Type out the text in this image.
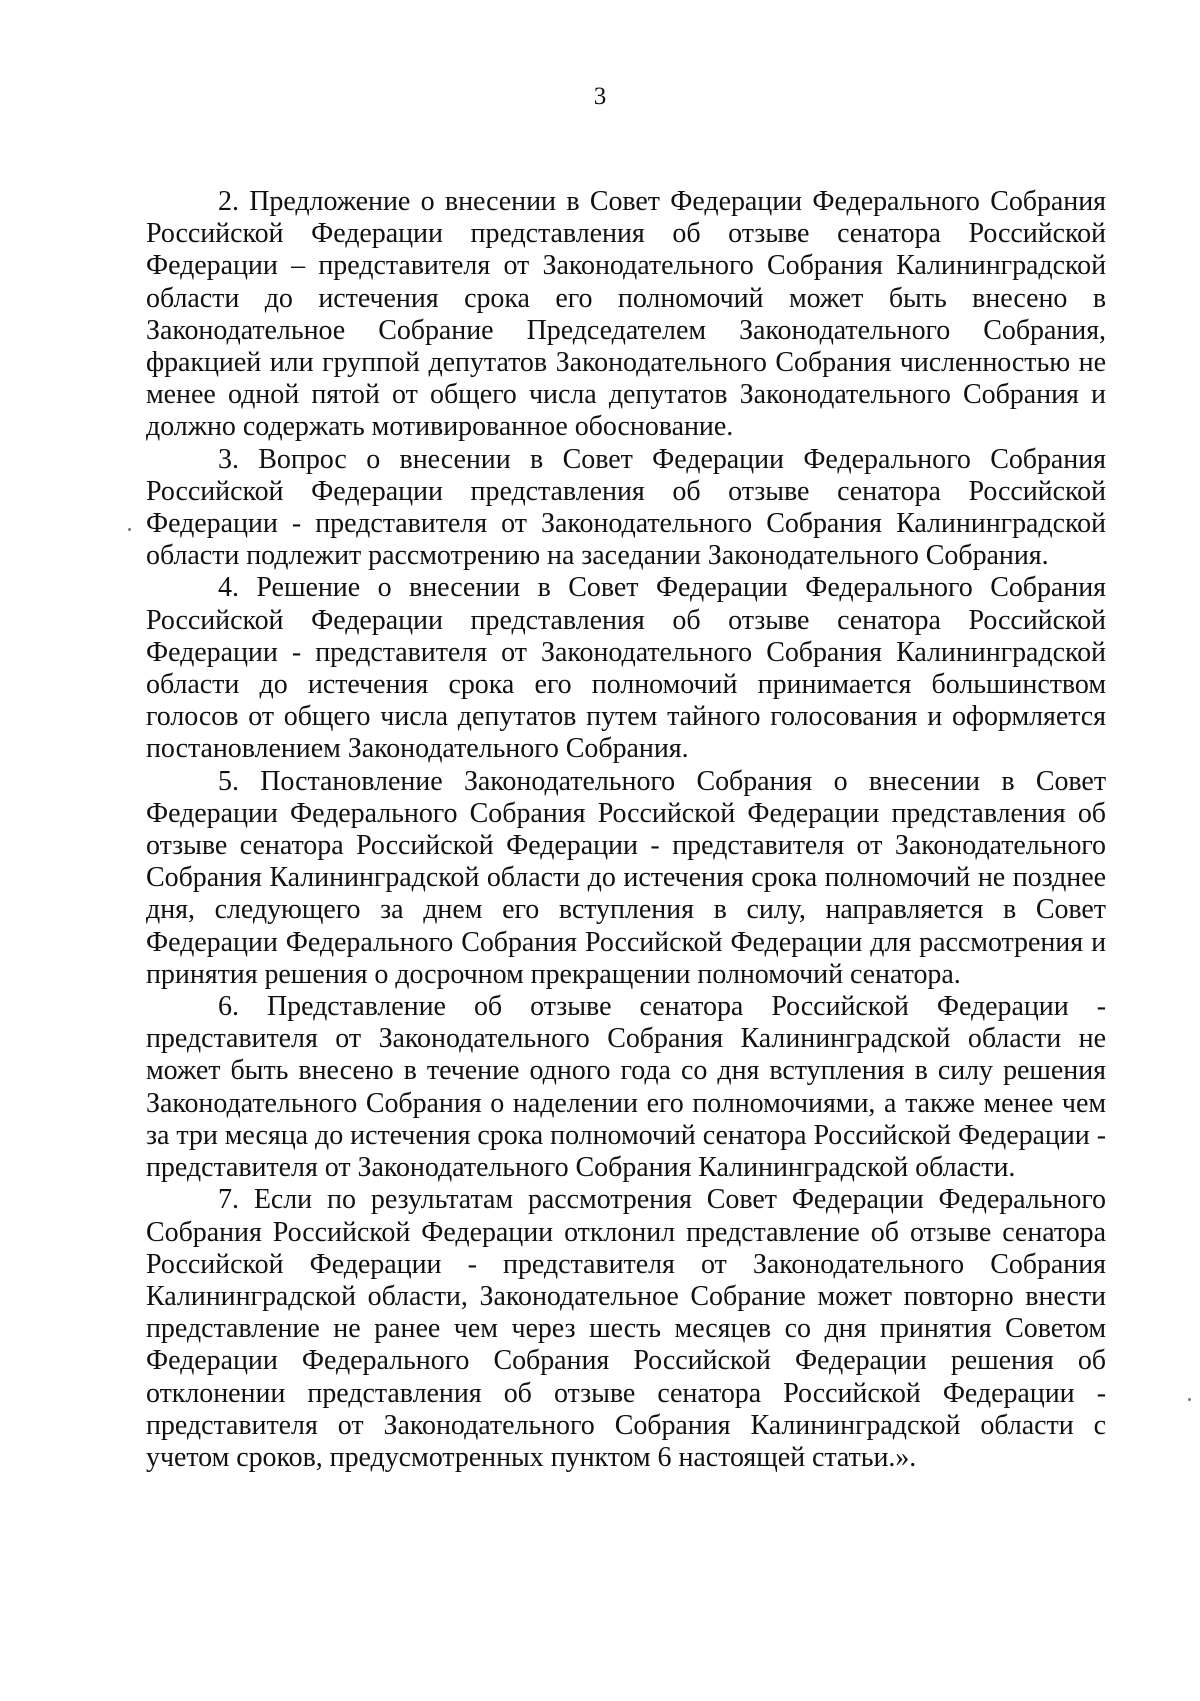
3

2. Предложение о внесении в Совет Федерации Федерального Собрания Российской Федерации представления об отзыве сенатора Российской Федерации – представителя от Законодательного Собрания Калининградской области до истечения срока его полномочий может быть внесено в Законодательное Собрание Председателем Законодательного Собрания, фракцией или группой депутатов Законодательного Собрания численностью не менее одной пятой от общего числа депутатов Законодательного Собрания и должно содержать мотивированное обоснование.

3. Вопрос о внесении в Совет Федерации Федерального Собрания Российской Федерации представления об отзыве сенатора Российской Федерации - представителя от Законодательного Собрания Калининградской области подлежит рассмотрению на заседании Законодательного Собрания.

4. Решение о внесении в Совет Федерации Федерального Собрания Российской Федерации представления об отзыве сенатора Российской Федерации - представителя от Законодательного Собрания Калининградской области до истечения срока его полномочий принимается большинством голосов от общего числа депутатов путем тайного голосования и оформляется постановлением Законодательного Собрания.

5. Постановление Законодательного Собрания о внесении в Совет Федерации Федерального Собрания Российской Федерации представления об отзыве сенатора Российской Федерации - представителя от Законодательного Собрания Калининградской области до истечения срока полномочий не позднее дня, следующего за днем его вступления в силу, направляется в Совет Федерации Федерального Собрания Российской Федерации для рассмотрения и принятия решения о досрочном прекращении полномочий сенатора.

6. Представление об отзыве сенатора Российской Федерации - представителя от Законодательного Собрания Калининградской области не может быть внесено в течение одного года со дня вступления в силу решения Законодательного Собрания о наделении его полномочиями, а также менее чем за три месяца до истечения срока полномочий сенатора Российской Федерации - представителя от Законодательного Собрания Калининградской области.

7. Если по результатам рассмотрения Совет Федерации Федерального Собрания Российской Федерации отклонил представление об отзыве сенатора Российской Федерации - представителя от Законодательного Собрания Калининградской области, Законодательное Собрание может повторно внести представление не ранее чем через шесть месяцев со дня принятия Советом Федерации Федерального Собрания Российской Федерации решения об отклонении представления об отзыве сенатора Российской Федерации - представителя от Законодательного Собрания Калининградской области с учетом сроков, предусмотренных пунктом 6 настоящей статьи.».
